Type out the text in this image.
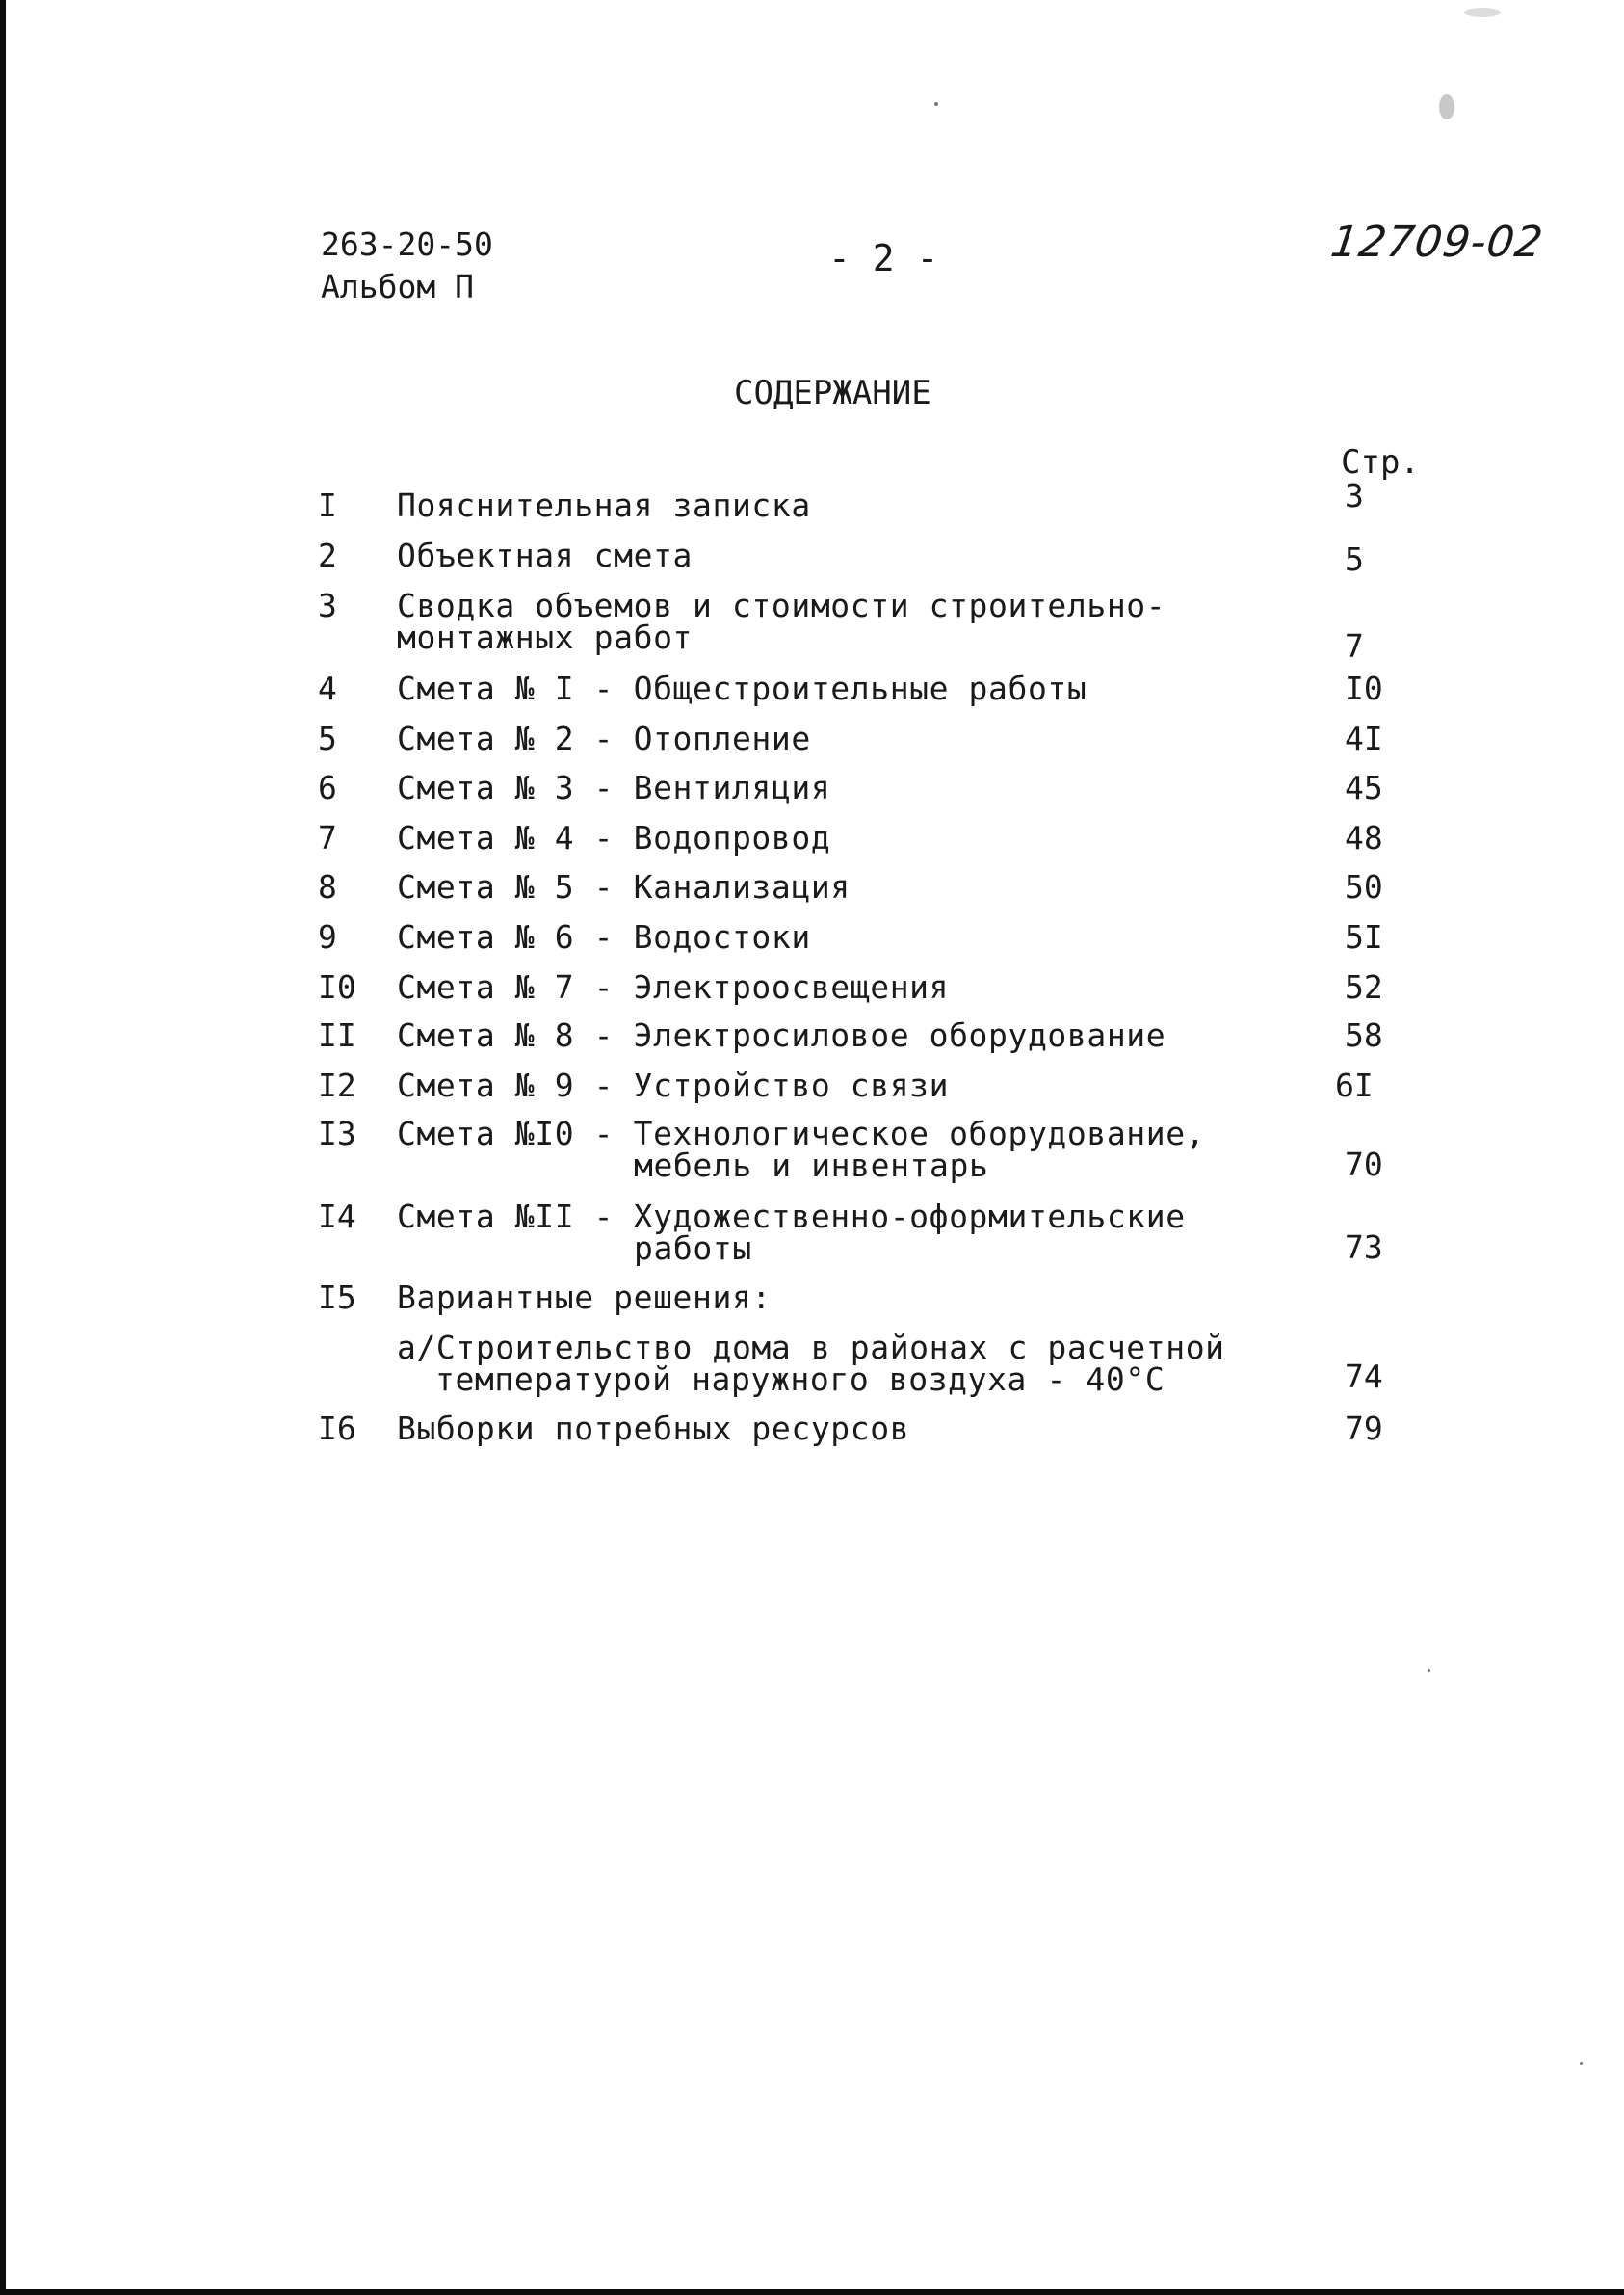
263-20-50
Альбом П
- 2 -	12709-02
СОДЕРЖАНИЕ
Стр.
I Пояснительная записка	3
2 Объектная смета	5
3 Сводка объемов и стоимости строительно-
монтажных работ	7
4 Смета № I - Общестроительные работы	I0
5 Смета № 2 - Отопление	4I
6 Смета № 3 - Вентиляция	45
7 Смета № 4 - Водопровод	48
8 Смета № 5 - Канализация	50
9 Смета № 6 - Водостоки	5I
I0 Смета № 7 - Электроосвещения	52
II Смета № 8 - Электросиловое оборудование	58
I2 Смета № 9 - Устройство связи	6I
I3 Смета №I0 - Технологическое оборудование,
мебель и инвентарь	70
I4 Смета №II - Художественно-оформительские
работы	73
I5 Вариантные решения:
а/Строительство дома в районах с расчетной
температурой наружного воздуха - 40°С	74
I6 Выборки потребных ресурсов	79
